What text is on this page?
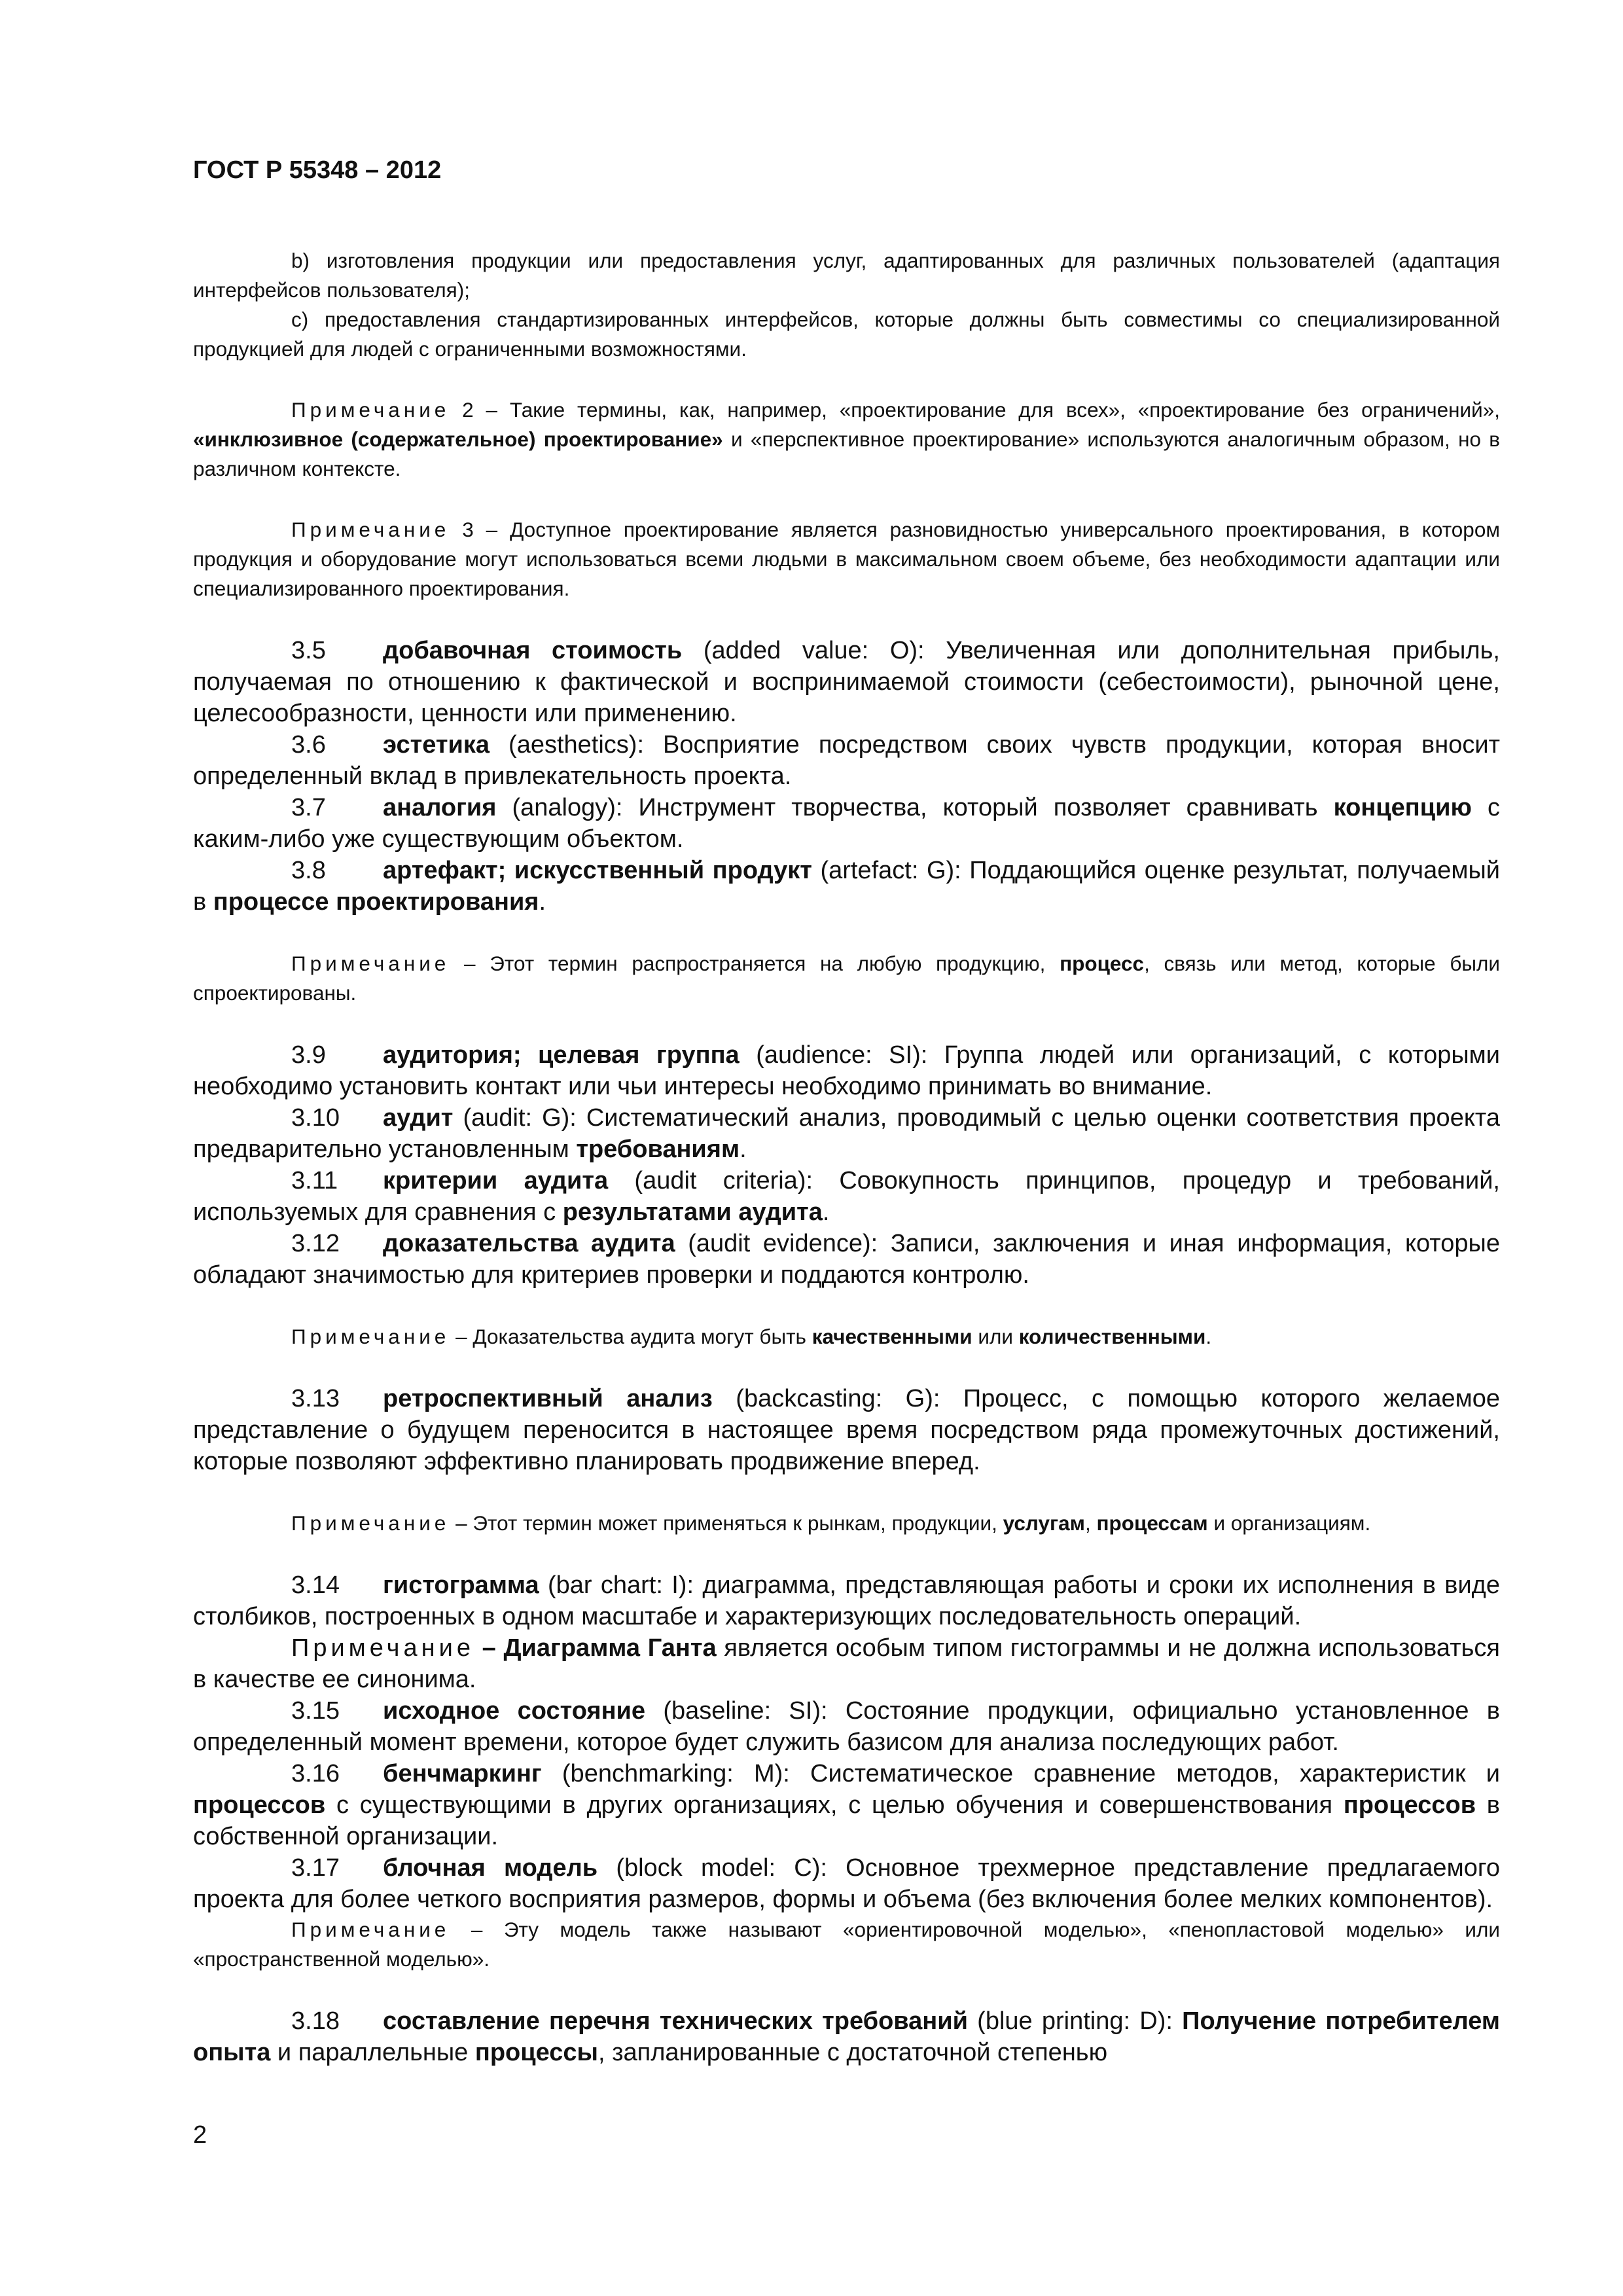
ГОСТ Р 55348 – 2012

b) изготовления продукции или предоставления услуг, адаптированных для различных пользователей (адаптация интерфейсов пользователя);

с) предоставления стандартизированных интерфейсов, которые должны быть совместимы со специализированной продукцией для людей с ограниченными возможностями.

Примечание 2 – Такие термины, как, например, «проектирование для всех», «проектирование без ограничений», «инклюзивное (содержательное) проектирование» и «перспективное проектирование» используются аналогичным образом, но в различном контексте.

Примечание 3 – Доступное проектирование является разновидностью универсального проектирования, в котором продукция и оборудование могут использоваться всеми людьми в максимальном своем объеме, без необходимости адаптации или специализированного проектирования.

3.5 добавочная стоимость (added value: O): Увеличенная или дополнительная прибыль, получаемая по отношению к фактической и воспринимаемой стоимости (себестоимости), рыночной цене, целесообразности, ценности или применению.

3.6 эстетика (aesthetics): Восприятие посредством своих чувств продукции, которая вносит определенный вклад в привлекательность проекта.

3.7 аналогия (analogy): Инструмент творчества, который позволяет сравнивать концепцию с каким-либо уже существующим объектом.

3.8 артефакт; искусственный продукт (artefact: G): Поддающийся оценке результат, получаемый в процессе проектирования.

Примечание – Этот термин распространяется на любую продукцию, процесс, связь или метод, которые были спроектированы.

3.9 аудитория; целевая группа (audience: SI): Группа людей или организаций, с которыми необходимо установить контакт или чьи интересы необходимо принимать во внимание.

3.10 аудит (audit: G): Систематический анализ, проводимый с целью оценки соответствия проекта предварительно установленным требованиям.

3.11 критерии аудита (audit criteria): Совокупность принципов, процедур и требований, используемых для сравнения с результатами аудита.

3.12 доказательства аудита (audit evidence): Записи, заключения и иная информация, которые обладают значимостью для критериев проверки и поддаются контролю.

Примечание – Доказательства аудита могут быть качественными или количественными.

3.13 ретроспективный анализ (backcasting: G): Процесс, с помощью которого желаемое представление о будущем переносится в настоящее время посредством ряда промежуточных достижений, которые позволяют эффективно планировать продвижение вперед.

Примечание – Этот термин может применяться к рынкам, продукции, услугам, процессам и организациям.

3.14 гистограмма (bar chart: I): диаграмма, представляющая работы и сроки их исполнения в виде столбиков, построенных в одном масштабе и характеризующих последовательность операций.

Примечание – Диаграмма Ганта является особым типом гистограммы и не должна использоваться в качестве ее синонима.

3.15 исходное состояние (baseline: SI): Состояние продукции, официально установленное в определенный момент времени, которое будет служить базисом для анализа последующих работ.

3.16 бенчмаркинг (benchmarking: M): Систематическое сравнение методов, характеристик и процессов с существующими в других организациях, с целью обучения и совершенствования процессов в собственной организации.

3.17 блочная модель (block model: C): Основное трехмерное представление предлагаемого проекта для более четкого восприятия размеров, формы и объема (без включения более мелких компонентов).

Примечание – Эту модель также называют «ориентировочной моделью», «пенопластовой моделью» или «пространственной моделью».

3.18 составление перечня технических требований (blue printing: D): Получение потребителем опыта и параллельные процессы, запланированные с достаточной степенью

2
